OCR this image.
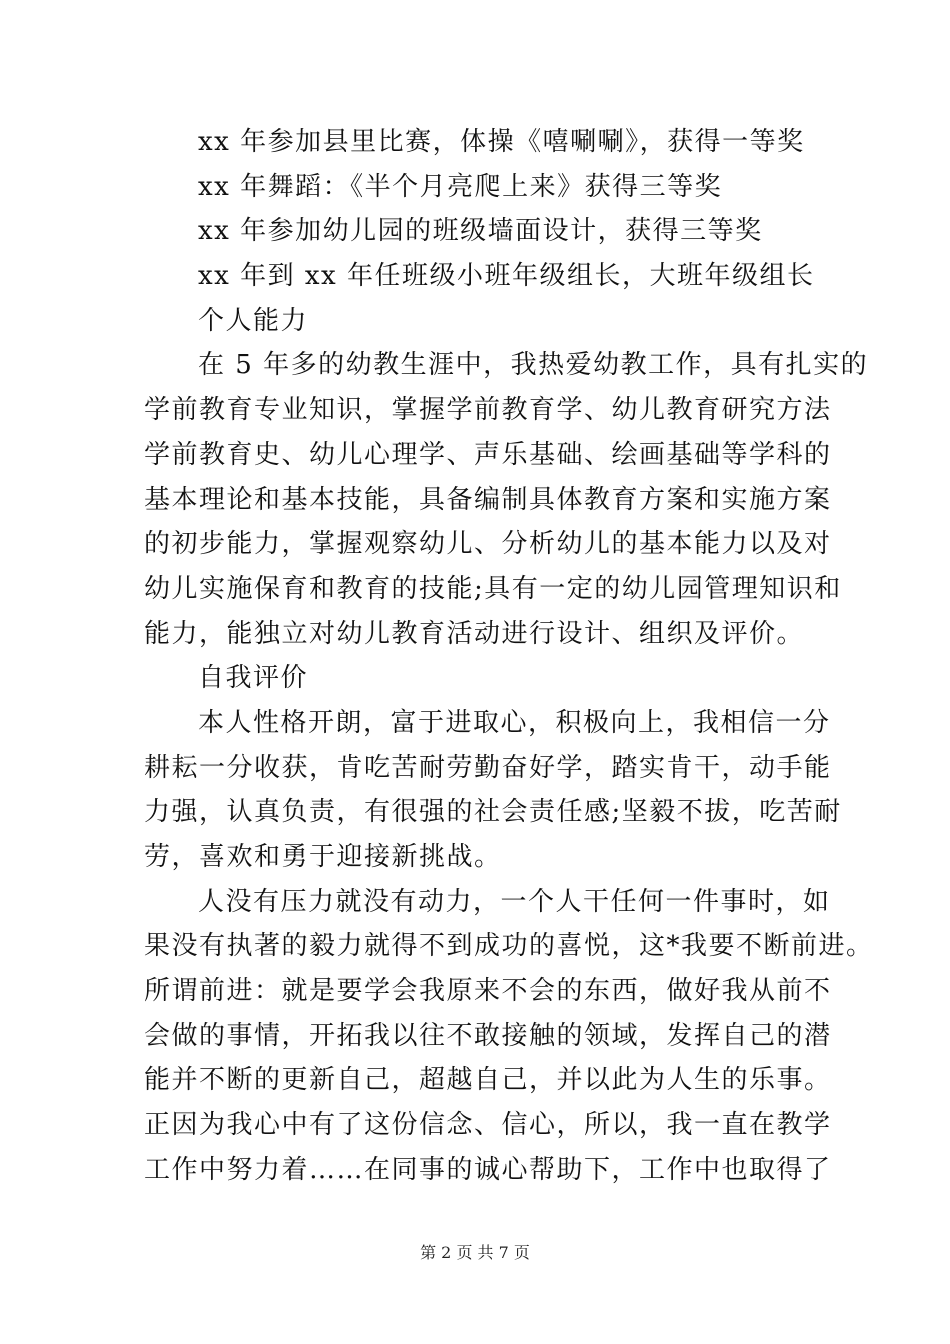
xx 年参加县里比赛，体操《嘻唰唰》，获得一等奖
xx 年舞蹈：《半个月亮爬上来》获得三等奖
xx 年参加幼儿园的班级墙面设计，获得三等奖
xx 年到 xx 年任班级小班年级组长，大班年级组长
个人能力
在 5 年多的幼教生涯中，我热爱幼教工作，具有扎实的
学前教育专业知识，掌握学前教育学、幼儿教育研究方法
学前教育史、幼儿心理学、声乐基础、绘画基础等学科的
基本理论和基本技能，具备编制具体教育方案和实施方案
的初步能力，掌握观察幼儿、分析幼儿的基本能力以及对
幼儿实施保育和教育的技能;具有一定的幼儿园管理知识和
能力，能独立对幼儿教育活动进行设计、组织及评价。
自我评价
本人性格开朗，富于进取心，积极向上，我相信一分
耕耘一分收获，肯吃苦耐劳勤奋好学，踏实肯干，动手能
力强，认真负责，有很强的社会责任感;坚毅不拔，吃苦耐
劳，喜欢和勇于迎接新挑战。
人没有压力就没有动力，一个人干任何一件事时，如
果没有执著的毅力就得不到成功的喜悦，这*我要不断前进。
所谓前进：就是要学会我原来不会的东西，做好我从前不
会做的事情，开拓我以往不敢接触的领域，发挥自己的潜
能并不断的更新自己，超越自己，并以此为人生的乐事。
正因为我心中有了这份信念、信心，所以，我一直在教学
工作中努力着……在同事的诚心帮助下，工作中也取得了
第 2 页 共 7 页
